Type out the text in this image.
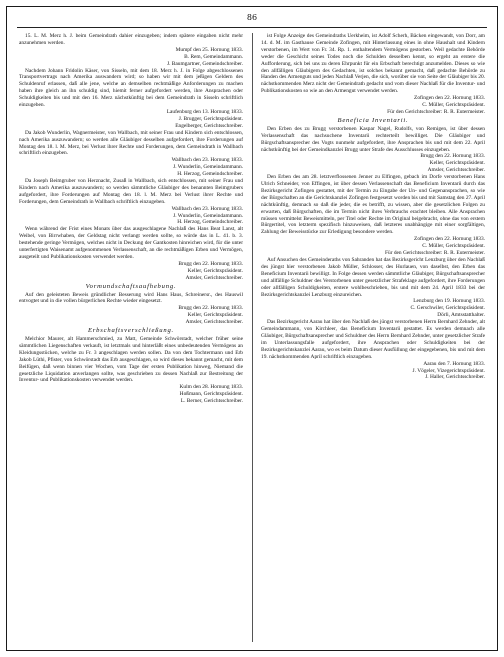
86

15. L. M. Merz h. J. beim Gemeindrath dahier einzugeben; indem spätere eingaben nicht mehr anzunehmen werden.

Mumpf den 25. Hornung 1833.

B. Rem, Gemeindammann.

J. Baumgartner, Gemeindschreiber.

Nachdem Johann Fridolin Käser, von Sisseln, mit dem 18. Merz h. J. in Folge abgeschlossenen Transportvertrags nach Amerika auswandern wird; so haben wir mit dem jeßigen Geldern des Schuldenruf erlassen, daß alle jene, welche an demselben rechtmäßige Anforderungen zu machen haben ihre gleich an ihn schuldig sind, hiemit ferner aufgefordert werden, ihre Ansprachen oder Schuldigkeiten bis und mit den 16. Merz nächstkünftig bei dem Gemeindrath in Sisseln schriftlich einzugeben.

Laufenburg den 13. Hornung 1833.

J. Brugger, Gerichtspräsident.

Engelberger, Gerichtsschreiber.

Da Jakob Wunderlin, Wagnermeister, von Wallbach, mit seiner Frau und Kindern sich entschlossen, nach Amerika auszuwandern; so werden alle Gläubiger desselben aufgefordert, ihre Forderungen auf Montag den 18. l. M. Merz, bei Verlust ihrer Rechte und Forderungen, dem Gemeindrath in Wallbach schriftlich einzugeben.

Wallbach den 23. Hornung 1833.

J. Wunderlin, Gemeindammann.

H. Herzog, Gemeindschreiber.

Da Joseph Beimgruber von Herznacht, Zusaß in Wallbach, sich entschlossen, mit seiner Frau und Kindern nach Amerika auszuwandern; so werden sämmtliche Gläubiger des benannten Beimgrubers aufgefordert, ihre Forderungen auf Montag den 18. l. M. Merz bei Verlust ihrer Rechte und Forderungen, dem Gemeindrath in Wallbach schriftlich einzugeben.

Wallbach den 23. Hornung 1833.

J. Wunderlin, Gemeindammann.

H. Herzog, Gemeindschreiber.

Wenn während der Frist eines Monats über das ausgeschlagene Nachlaß des Hans Beat Lanst, alt Weibel, von Birrwhaben, der Geldstag nicht verlangt werden sollte, so würde das in L. 41. b. 3. bestehende geringe Vermögen, welches nicht in Deckung der Gantkosten hinreichen wird, für die unter unterfertigten Waisenamt aufgenommenen Verlassenschaft, an die rechtmäßigen Erben und Vermögen, ausgeteilt und Publikationskosten verwendet werden.

Brugg den 22. Hornung 1833.

Keller, Gerichtspräsident.

Amsler, Gerichtsschreiber.

Vormundschaftsaufhebung.

Auf den geleisteten Beweis gründlicher Besserung wird Hans Haus, Schreinersr., des Hauswil entvogtet und in die vollen bürgerlichen Rechte wieder eingesetzt.

Brugg den 22. Hornung 1833.

Keller, Gerichtspräsident.

Amsler, Gerichtsschreiber.

Erbschaftsverschließung.

Melchior Maurer, alt Hammerschmied, zu Matt, Gemeinde Schwörstadt, welcher früher seine sämmtlichen Liegenschaften verkauft, ist letztmals und hinterläßt eines unbedeutenden Vermögens an Kleidungsstücken, welche zu Fr. 3 angeschlagen werden sollen. Da von dem Tochtermann und Erb Jakob Lüthi, Pfister, von Schwörstadt das Erb ausgeschlagen, so wird dieses bekannt gemacht, mit dem Beifügen, daß wenn binnen vier Wochen, vom Tage der ersten Publikation hinweg, Niemand die gesetzliche Liquidation anverlangen sollte, was geschrieben zu dessen Nachlaß zur Bestreitung der Inventur- und Publikationskosten verwendet werden.

Kulm den 28. Hornung 1833.

Hoßmann, Gerichtspräsident.

L. Berner, Gerichtsschreiber.

ist Folge Anzeige des Gemeindraths Uerkheim, ist Adolf Scherh, Bäcken eingewandt, von Dorr, am 14. d. M. im Gasthause Gemeinde Zofingen, mit Hinterlassung eines in ohne Haushalt und Kindern verstorbenen, im Wert von Fr. 34. Rp. 1. enthaltendem Vermögens gestorben. Weil gedachte Behörde weder die Geschicht seines Todes noch die Schulden desselben kennt, so ergeht an erstere die Aufforderung, sich bei uns zu deren Ehrpunkt für ein Erbschaft berechtigt anzumelden. Dieses so wie den allfälligen Gläubigern des Gedachten, ist solches bekannt gemacht, daß gedachte Behörde zu Handen des Armenguts und jeden Nachlaß Verjen, die sich, worüber sie von Seite der Gläubiger bis 20. nächstkommenden Merz nicht der Gemeindrath gedacht und vom dieser Nachlaß für die Inventur- und Publikationskosten so wie an den Armengut verwendet werden.

Zofingen den 22. Hornung 1833.

C. Müller, Gerichtspräsident.

Für den Gerichtschreiber: R. R. Eutermeister.

Beneficia Inventarii.

Den Erben des zu Brugg verstorbenen Kaspar Nagel, Rudolfs, von Remigen, ist über dessen Verlassenschaft das nachsuchene Inventarii rechterteilt bewilliget. Die Gläubiger und Bürgschaftsansprecher des Vogts nunmehr aufgefordert, ihre Ansprachen bis und mit dem 22. April nächstkünftig bei der Gemeindkanzlei Brugg unter Strafe des Ausschlusses einzugeben.

Brugg den 22. Hornung 1833.

Keller, Gerichtspräsident.

Amsler, Gerichtsschreiber.

Den Erben des am 28. letztverflossenen Jenner zu Elfingen, gebach im Dorfe verstorbenen Hans Ulrich Schneider, von Effingen, ist über dessen Verlassenschaft das Beneficium Inventarii durch das Bezirksgericht Zofingen gestattet, mit der Termin zu Eingabe der Un- und Gegenansprachen, so wie der Bürgschaften an die Gerichtskanzlei Zofingen festgesetzt worden bis und mit Samstag den 27. April nächtkünftig, demnach so daß die jeder, die es betrifft, zu wissen, aber die gesetzlichen Folgen zu erwarten, daß Bürgschaften, die im Termin nicht ihres Verbrauchs erachtet bleiben. Alle Ansprachen müssen vermittelst Beweismitteln, per Titel oder Rechte im Original beigebracht, ohne das von erstern Bürgertitel, von letzterm spezifisch hinzuweisen, daß letzteres unabhängige mit einer sorgfältigen, Zahlung der Beweisstücke zur Erledigung besondere werden.

Zofingen den 22. Hornung 1833.

C. Müller, Gerichtspräsident.

Für den Gerichtsschreiber: R. R. Eutermeister.

Auf Ansuchen des Gemeinderaths von Sahranden hat das Bezirksgericht Lenzburg über den Nachlaß des jüngst hier verstorbenen Jakob Müller, Schlosser, des Hurlauen, von daselbst, den Erben das Beneficium Inventarii bewilligt. In Folge dessen werden sämmtliche Gläubiger, Bürgschaftsansprecher und allfällige Schuldner des Verstorbenen unter gesetzlicher Strafeklage aufgefordert, ihre Forderungen oder allfälligen Schuldigkeiten, erstere wohlbeschrieben, bis und mit dem 24. April 1833 bei der Bezirksgerichtskanzlei Lenzburg einzureichen.

Lenzburg den 19. Hornung 1833.

C. Gerschwiler, Gerichtspräsident.

Dörli, Amtsstatthalter.

Das Bezirksgericht Aarau hat über den Nachlaß des jüngst verstorbenen Herrn Bernhard Zehnder, alt Gemeindammann, von Kirchleer, das Beneficium Inventarii gestattet. Es werden demnach alle Gläubiger, Bürgschaftsansprecher und Schuldner des Herrn Bernhard Zehnder, unter gesetzlicher Strafe im Unterlassungsfalle aufgefordert, ihre Ansprachen oder Schuldigkeiten bei der Bezirksgerichtskanzlei Aarau, wo es beim Datum dieser Ausfüllung der eingegebenen, bis und mit dem 19. nächstkommenden April schriftlich einzugeben.

Aarau den 7. Hornung 1833.

J. Vögeler, Vizegerichtspräsident.

J. Haller, Gerichtsschreiber.
